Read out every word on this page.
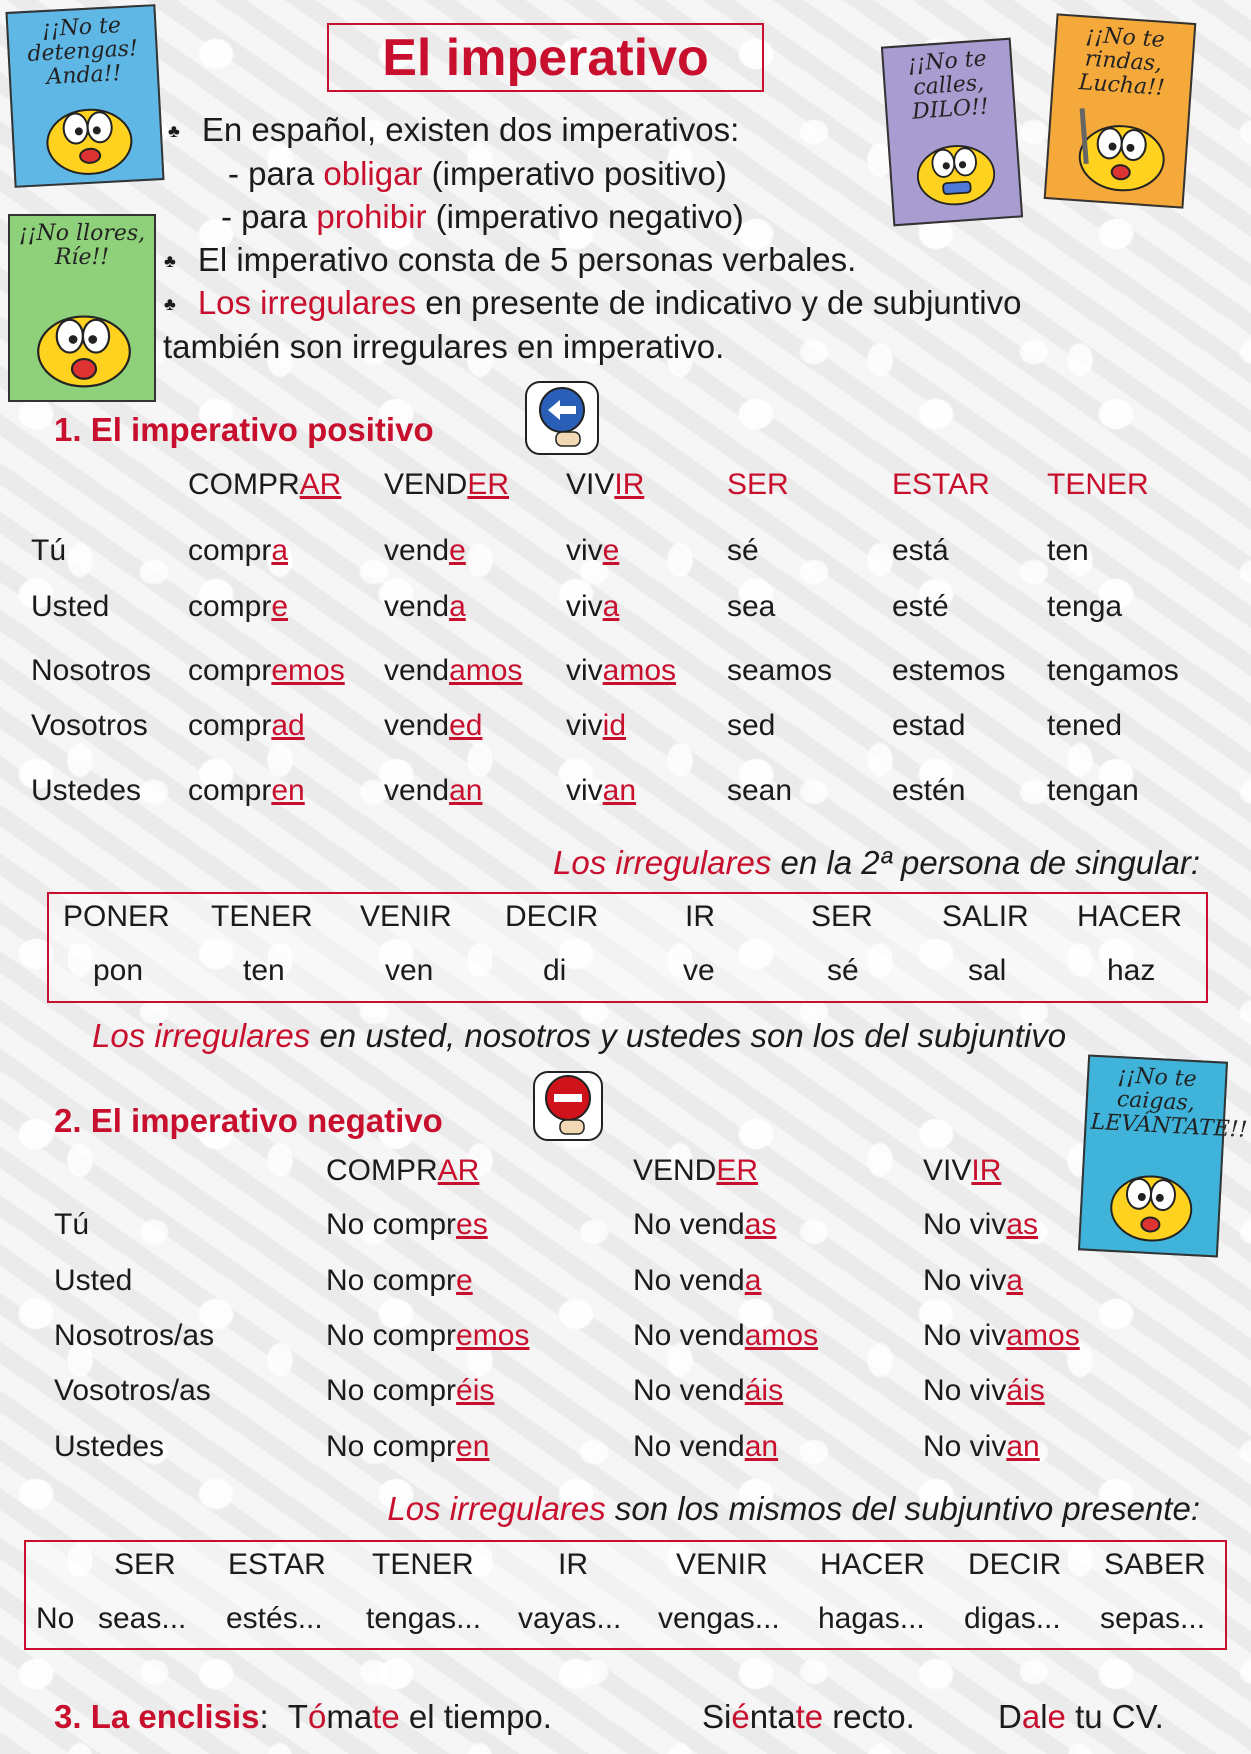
El imperativo
¡¡No te detengas! Anda!!	¡¡No te calles, DILO!!
¡¡No te rindas, Lucha!!
¡¡No llores, Ríe!!
¡¡No te caigas, LEVÁNTATE!!
♣ En español, existen dos imperativos:
- para obligar (imperativo positivo)
- para prohibir (imperativo negativo)
♣ El imperativo consta de 5 personas verbales.
♣ Los irregulares en presente de indicativo y de subjuntivo
también son irregulares en imperativo.
1. El imperativo positivo
COMPRAR VENDER VIVIR	SER	ESTAR TENER
Tú	compra	vende	vive	sé	está	ten
Usted	compre	venda	viva	sea	esté	tenga
Nosotros compremos vendamos vivamos seamos estemos tengamos
Vosotros comprad	vended	vivid	sed	estad	tened
Ustedes compren	vendan	vivan	sean	estén	tengan
Los irregulares en la 2ª persona de singular:
PONER TENER VENIR DECIR	IR	SER SALIR HACER
pon	ten	ven	di	ve	sé	sal	haz
Los irregulares en usted, nosotros y ustedes son los del subjuntivo
2. El imperativo negativo
COMPRAR	VENDER	VIVIR
Tú	No compres	No vendas	No vivas
Usted	No compre	No venda	No viva
Nosotros/as	No compremos	No vendamos	No vivamos
Vosotros/as	No compréis	No vendáis	No viváis
Ustedes	No compren	No vendan	No vivan
Los irregulares son los mismos del subjuntivo presente:
SER ESTAR TENER	IR	VENIR HACER DECIR SABER
No seas... estés... tengas... vayas... vengas... hagas... digas... sepas...
3. La enclisis: Tómate el tiempo.	Siéntate recto.	Dale tu CV.
